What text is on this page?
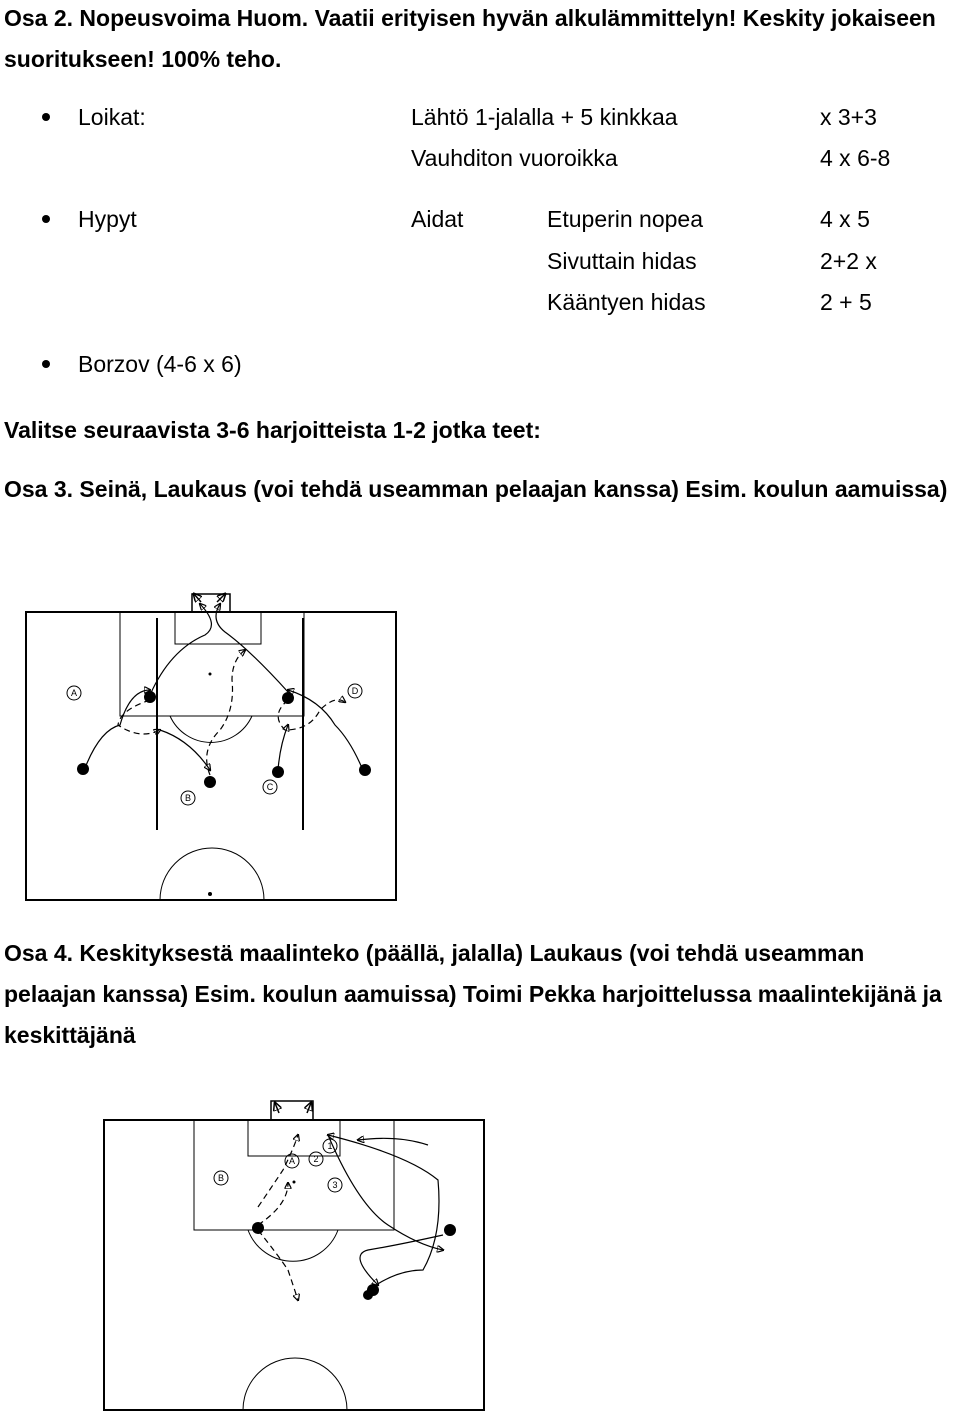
Osa 2. Nopeusvoima Huom. Vaatii erityisen hyvän alkulämmittelyn! Keskity jokaiseen suoritukseen! 100% teho.
Loikat:	Lähtö 1-jalalla + 5 kinkkaa	x 3+3
Vauhditon vuoroikka	4 x 6-8
Hypyt	Aidat	Etuperin nopea	4 x 5
Sivuttain hidas	2+2 x
Kääntyen hidas	2 + 5
Borzov (4-6 x 6)
Valitse seuraavista 3-6 harjoitteista 1-2 jotka teet:
Osa 3. Seinä, Laukaus (voi tehdä useamman pelaajan kanssa) Esim. koulun aamuissa)
A
B
C
D
Osa 4. Keskityksestä maalinteko (päällä, jalalla) Laukaus (voi tehdä useamman pelaajan kanssa) Esim. koulun aamuissa) Toimi Pekka harjoittelussa maalintekijänä ja keskittäjänä
1
2
3
A
B
